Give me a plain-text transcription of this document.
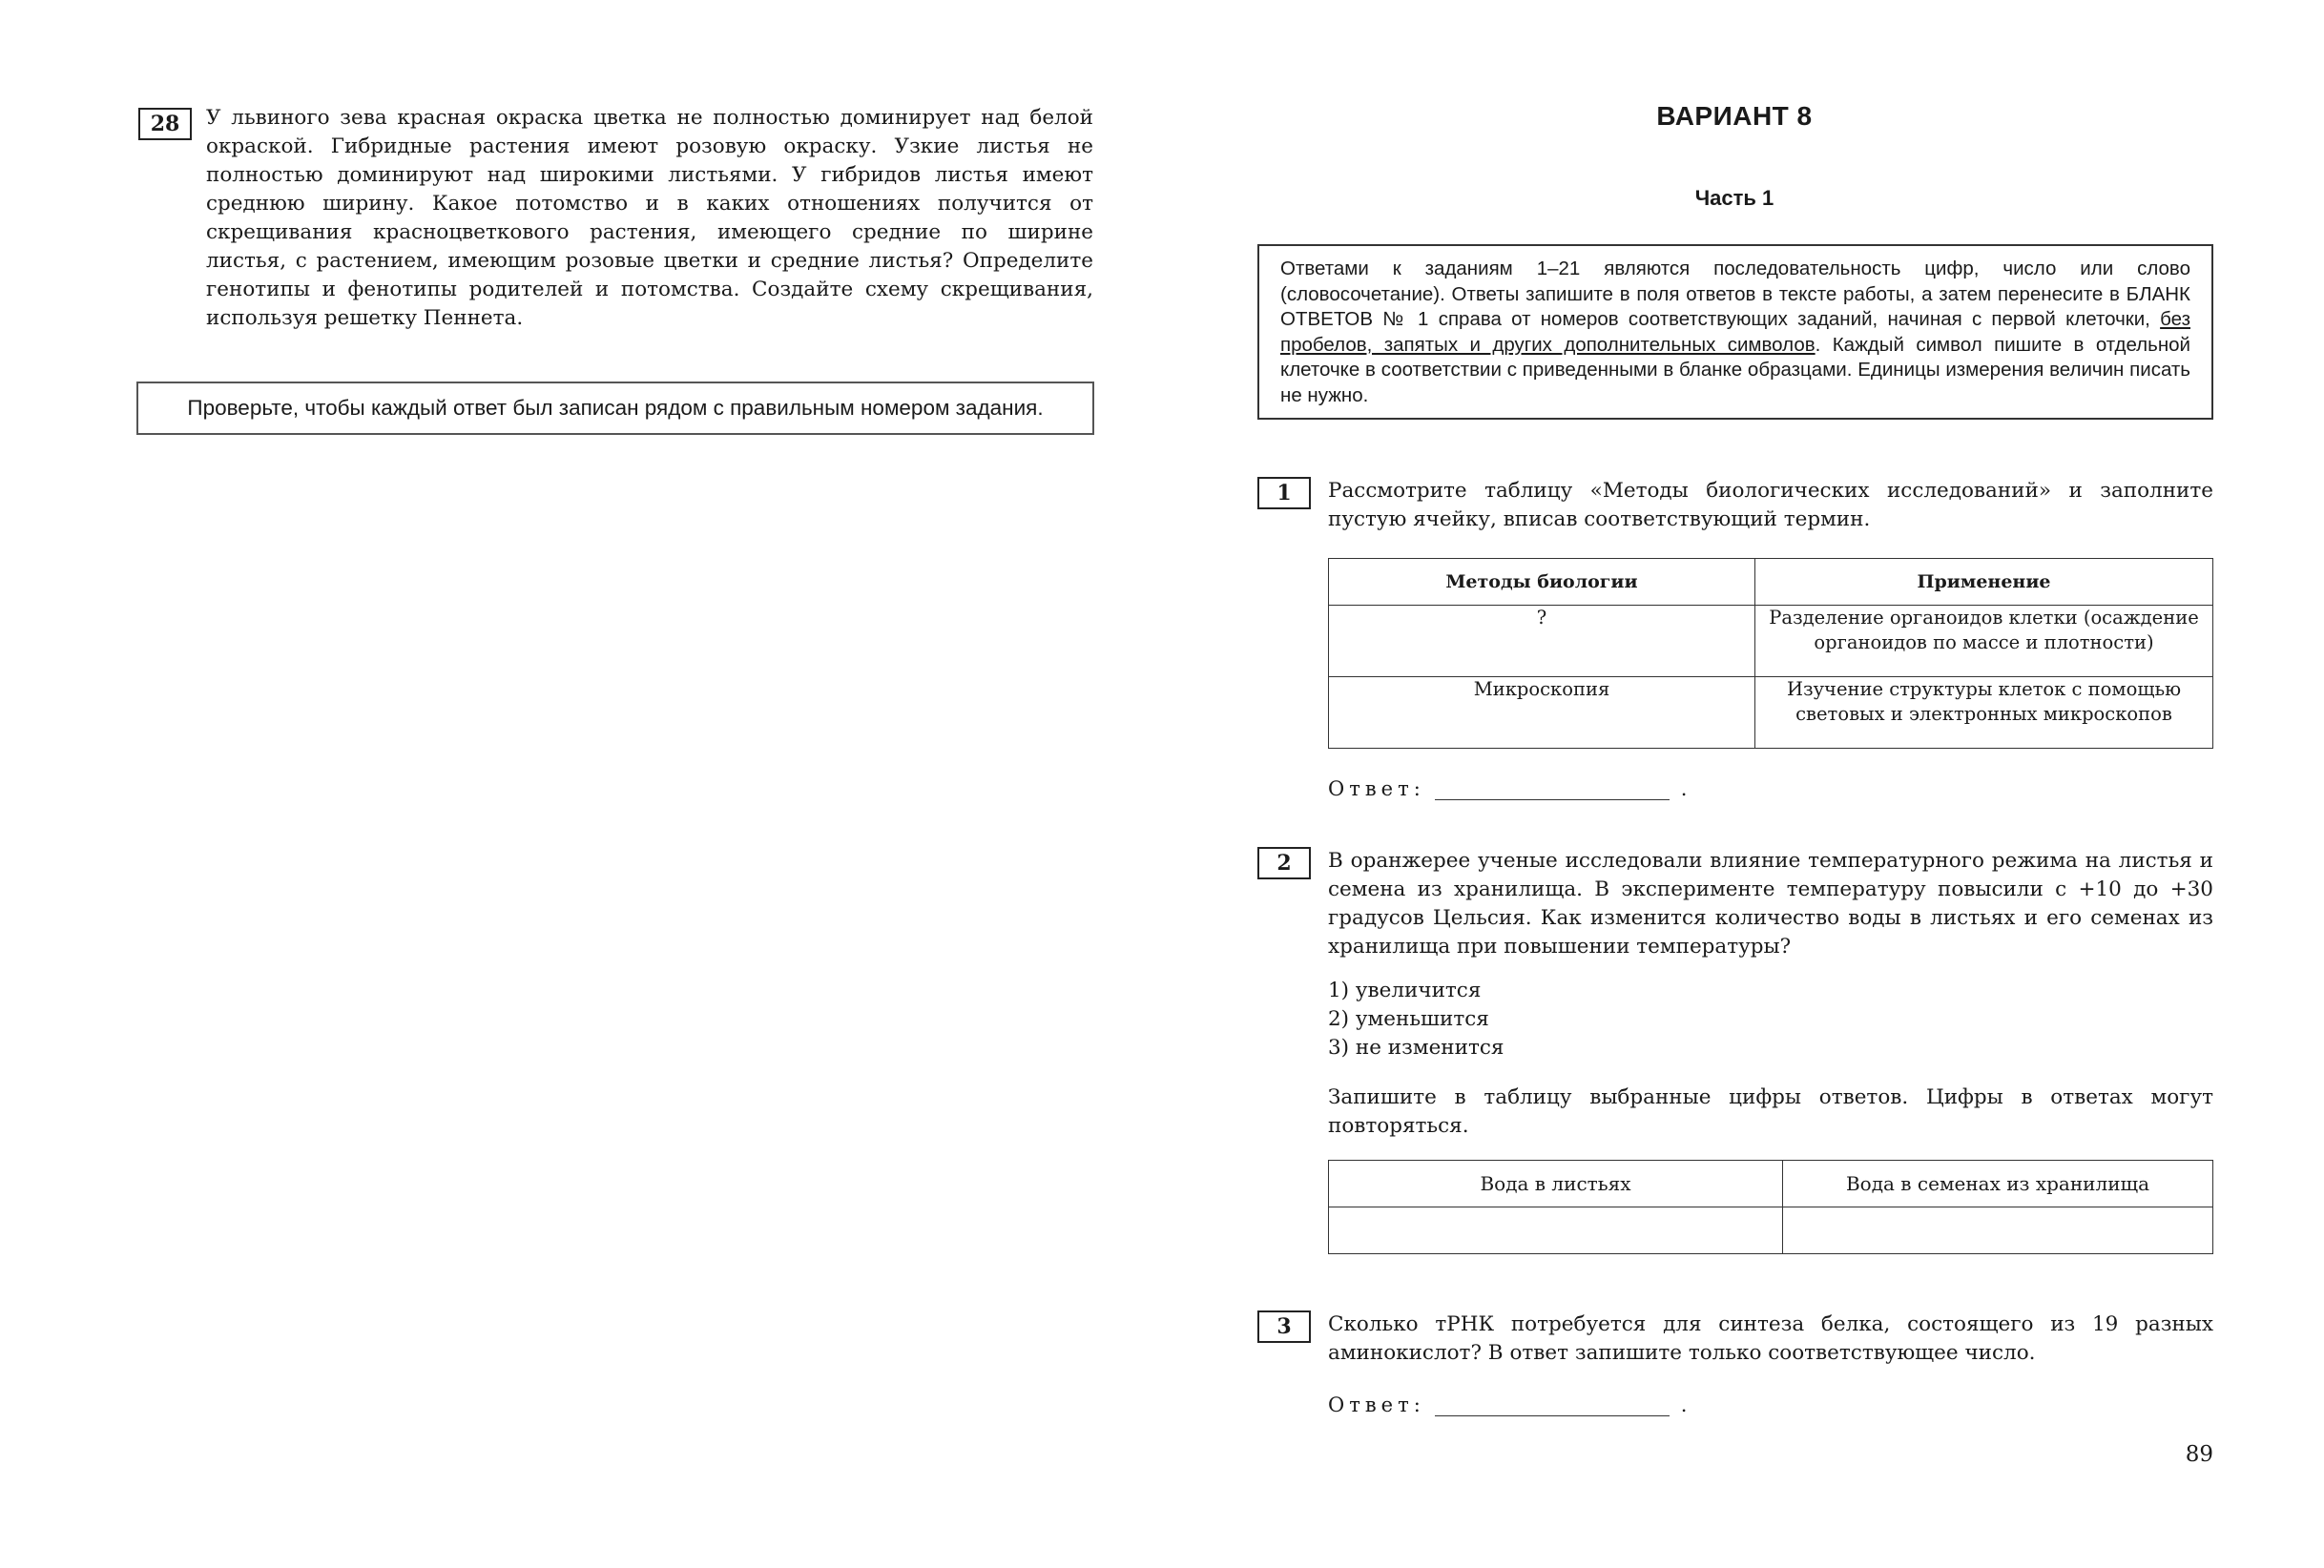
28	У львиного зева красная окраска цветка не полностью доминирует над белой окраской. Гибридные растения имеют розовую окраску. Узкие листья не полностью доминируют над широкими листьями. У гибридов листья имеют среднюю ширину. Какое потомство и в каких отношениях получится от скрещивания красноцветкового растения, имеющего средние по ширине листья, с растением, имеющим розовые цветки и средние листья? Определите генотипы и фенотипы родителей и потомства. Создайте схему скрещивания, используя решетку Пеннета.

Проверьте, чтобы каждый ответ был записан рядом с правильным номером задания.
ВАРИАНТ 8
Часть 1

Ответами к заданиям 1–21 являются последовательность цифр, число или слово (словосочетание). Ответы запишите в поля ответов в тексте работы, а затем перенесите в БЛАНК ОТВЕТОВ № 1 справа от номеров соответствующих заданий, начиная с первой клеточки, без пробелов, запятых и других дополнительных символов. Каждый символ пишите в отдельной клеточке в соответствии с приведенными в бланке образцами. Единицы измерения величин писать не нужно.

1	Рассмотрите таблицу «Методы биологических исследований» и заполните пустую ячейку, вписав соответствующий термин.

Методы биологии	Применение
?	Разделение органоидов клетки (осаждение органоидов по массе и плотности)
Микроскопия	Изучение структуры клеток с помощью световых и электронных микроскопов
Ответ:	.
2	В оранжерее ученые исследовали влияние температурного режима на листья и семена из хранилища. В эксперименте температуру повысили с +10 до +30 градусов Цельсия. Как изменится количество воды в листьях и его семенах из хранилища при повышении температуры?

1) увеличится
2) уменьшится
3) не изменится

Запишите в таблицу выбранные цифры ответов. Цифры в ответах могут повторяться.

Вода в листьях	Вода в семенах из хранилища

3	Сколько тРНК потребуется для синтеза белка, состоящего из 19 разных аминокислот? В ответ запишите только соответствующее число.

Ответ:	.
89
